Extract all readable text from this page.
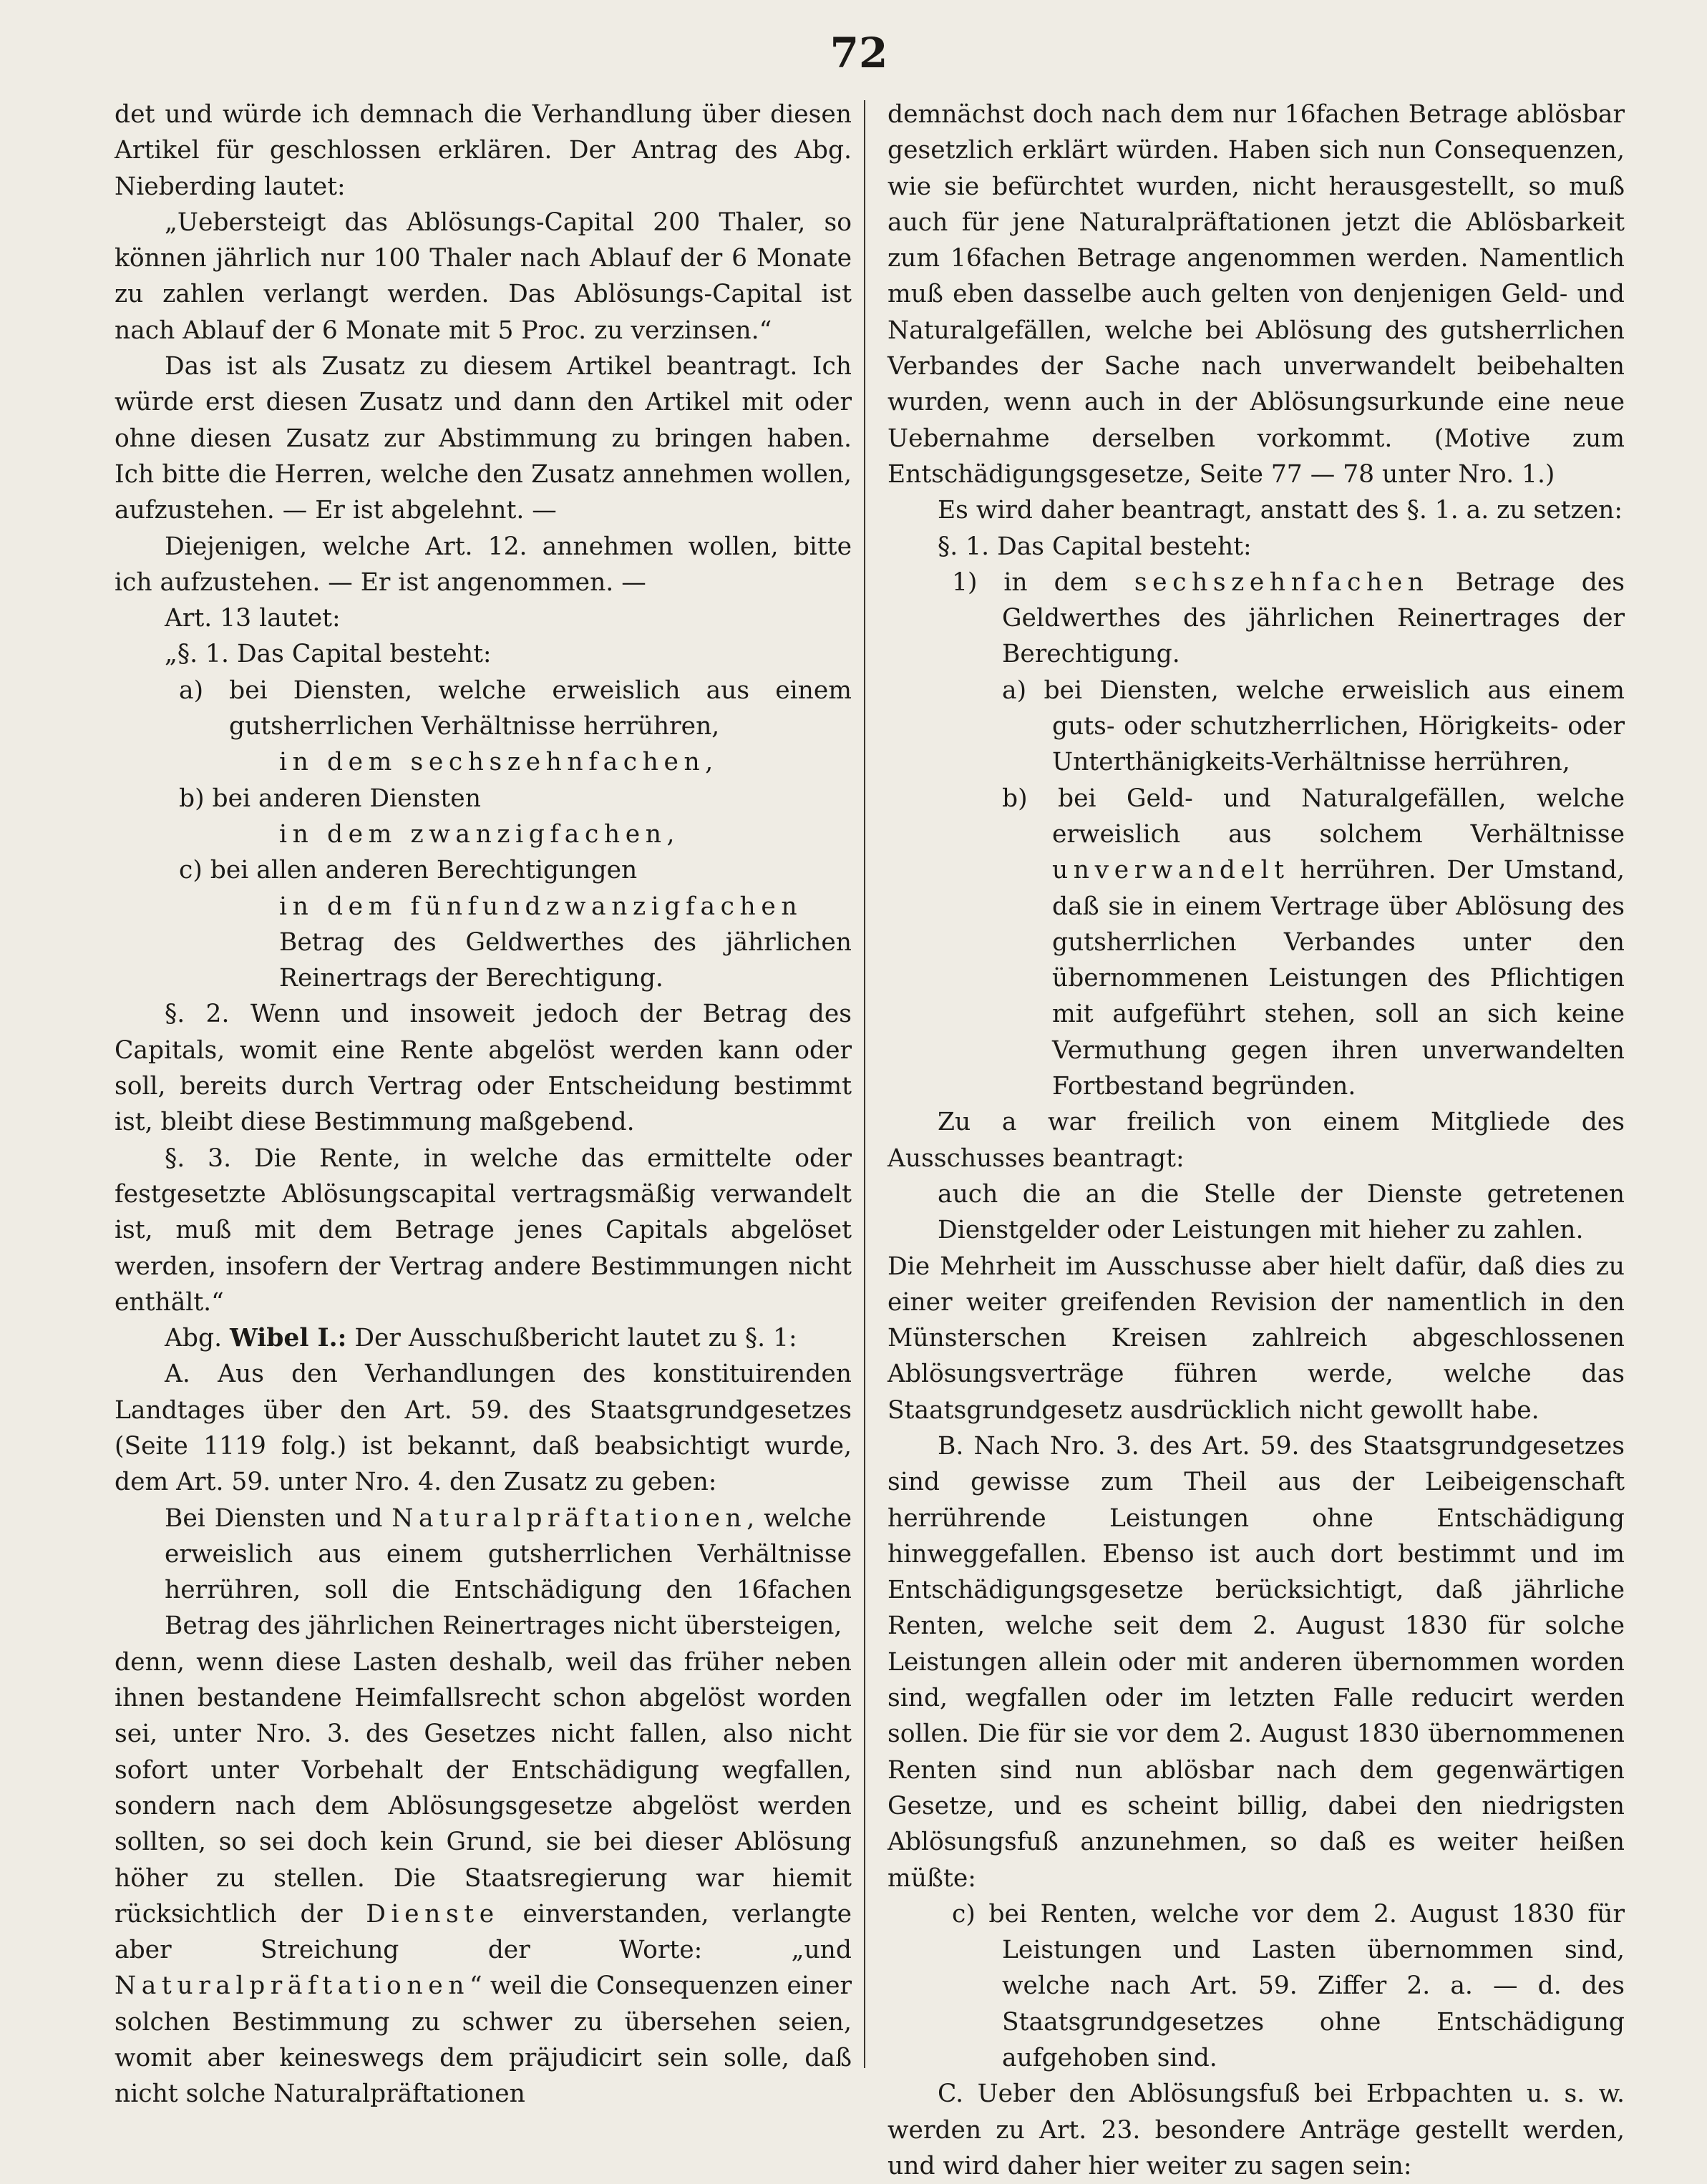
72

det und würde ich demnach die Verhandlung über diesen Artikel für geschlossen erklären. Der Antrag des Abg. Nieberding lautet:

„Uebersteigt das Ablösungs-Capital 200 Thaler, so können jährlich nur 100 Thaler nach Ablauf der 6 Monate zu zahlen verlangt werden. Das Ablösungs-Capital ist nach Ablauf der 6 Monate mit 5 Proc. zu verzinsen.“

Das ist als Zusatz zu diesem Artikel beantragt. Ich würde erst diesen Zusatz und dann den Artikel mit oder ohne diesen Zusatz zur Abstimmung zu bringen haben. Ich bitte die Herren, welche den Zusatz annehmen wollen, aufzustehen. — Er ist abgelehnt. —

Diejenigen, welche Art. 12. annehmen wollen, bitte ich aufzustehen. — Er ist angenommen. —

Art. 13 lautet:

„§. 1. Das Capital besteht:

a) bei Diensten, welche erweislich aus einem gutsherrlichen Verhältnisse herrühren,

in dem sechszehnfachen,

b) bei anderen Diensten

in dem zwanzigfachen,

c) bei allen anderen Berechtigungen

in dem fünfundzwanzigfachen

Betrag des Geldwerthes des jährlichen Reinertrags der Berechtigung.

§. 2. Wenn und insoweit jedoch der Betrag des Capitals, womit eine Rente abgelöst werden kann oder soll, bereits durch Vertrag oder Entscheidung bestimmt ist, bleibt diese Bestimmung maßgebend.

§. 3. Die Rente, in welche das ermittelte oder festgesetzte Ablösungscapital vertragsmäßig verwandelt ist, muß mit dem Betrage jenes Capitals abgelöset werden, insofern der Vertrag andere Bestimmungen nicht enthält.“

Abg. Wibel I.: Der Ausschußbericht lautet zu §. 1:

A. Aus den Verhandlungen des konstituirenden Landtages über den Art. 59. des Staatsgrundgesetzes (Seite 1119 folg.) ist bekannt, daß beabsichtigt wurde, dem Art. 59. unter Nro. 4. den Zusatz zu geben:

Bei Diensten und Naturalpräftationen, welche erweislich aus einem gutsherrlichen Verhältnisse herrühren, soll die Entschädigung den 16fachen Betrag des jährlichen Reinertrages nicht übersteigen,

denn, wenn diese Lasten deshalb, weil das früher neben ihnen bestandene Heimfallsrecht schon abgelöst worden sei, unter Nro. 3. des Gesetzes nicht fallen, also nicht sofort unter Vorbehalt der Entschädigung wegfallen, sondern nach dem Ablösungsgesetze abgelöst werden sollten, so sei doch kein Grund, sie bei dieser Ablösung höher zu stellen. Die Staatsregierung war hiemit rücksichtlich der Dienste einverstanden, verlangte aber Streichung der Worte: „und Naturalpräftationen“ weil die Consequenzen einer solchen Bestimmung zu schwer zu übersehen seien, womit aber keineswegs dem präjudicirt sein solle, daß nicht solche Naturalpräftationen

demnächst doch nach dem nur 16fachen Betrage ablösbar gesetzlich erklärt würden. Haben sich nun Consequenzen, wie sie befürchtet wurden, nicht herausgestellt, so muß auch für jene Naturalpräftationen jetzt die Ablösbarkeit zum 16fachen Betrage angenommen werden. Namentlich muß eben dasselbe auch gelten von denjenigen Geld- und Naturalgefällen, welche bei Ablösung des gutsherrlichen Verbandes der Sache nach unverwandelt beibehalten wurden, wenn auch in der Ablösungsurkunde eine neue Uebernahme derselben vorkommt. (Motive zum Entschädigungsgesetze, Seite 77 — 78 unter Nro. 1.)

Es wird daher beantragt, anstatt des §. 1. a. zu setzen:

§. 1. Das Capital besteht:

1) in dem sechszehnfachen Betrage des Geldwerthes des jährlichen Reinertrages der Berechtigung.

a) bei Diensten, welche erweislich aus einem guts- oder schutzherrlichen, Hörigkeits- oder Unterthänigkeits-Verhältnisse herrühren,

b) bei Geld- und Naturalgefällen, welche erweislich aus solchem Verhältnisse unverwandelt herrühren. Der Umstand, daß sie in einem Vertrage über Ablösung des gutsherrlichen Verbandes unter den übernommenen Leistungen des Pflichtigen mit aufgeführt stehen, soll an sich keine Vermuthung gegen ihren unverwandelten Fortbestand begründen.

Zu a war freilich von einem Mitgliede des Ausschusses beantragt:

auch die an die Stelle der Dienste getretenen Dienstgelder oder Leistungen mit hieher zu zahlen.

Die Mehrheit im Ausschusse aber hielt dafür, daß dies zu einer weiter greifenden Revision der namentlich in den Münsterschen Kreisen zahlreich abgeschlossenen Ablösungsverträge führen werde, welche das Staatsgrundgesetz ausdrücklich nicht gewollt habe.

B. Nach Nro. 3. des Art. 59. des Staatsgrundgesetzes sind gewisse zum Theil aus der Leibeigenschaft herrührende Leistungen ohne Entschädigung hinweggefallen. Ebenso ist auch dort bestimmt und im Entschädigungsgesetze berücksichtigt, daß jährliche Renten, welche seit dem 2. August 1830 für solche Leistungen allein oder mit anderen übernommen worden sind, wegfallen oder im letzten Falle reducirt werden sollen. Die für sie vor dem 2. August 1830 übernommenen Renten sind nun ablösbar nach dem gegenwärtigen Gesetze, und es scheint billig, dabei den niedrigsten Ablösungsfuß anzunehmen, so daß es weiter heißen müßte:

c) bei Renten, welche vor dem 2. August 1830 für Leistungen und Lasten übernommen sind, welche nach Art. 59. Ziffer 2. a. — d. des Staatsgrundgesetzes ohne Entschädigung aufgehoben sind.

C. Ueber den Ablösungsfuß bei Erbpachten u. s. w. werden zu Art. 23. besondere Anträge gestellt werden, und wird daher hier weiter zu sagen sein:
